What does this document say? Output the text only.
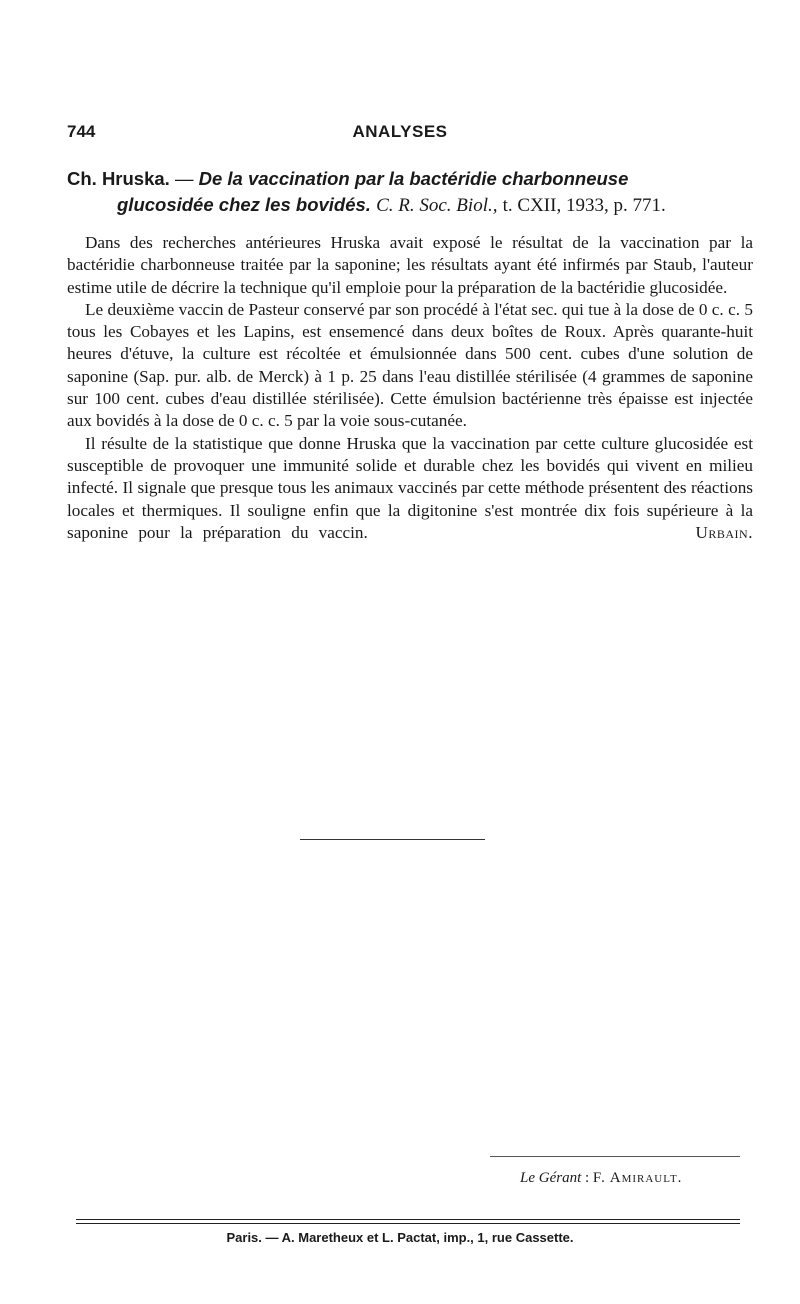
744	ANALYSES
Ch. Hruska. — De la vaccination par la bactéridie charbonneuse
glucosidée chez les bovidés. C. R. Soc. Biol., t. CXII, 1933, p. 771.

Dans des recherches antérieures Hruska avait exposé le résultat de la vaccination par la bactéridie charbonneuse traitée par la saponine; les résultats ayant été infirmés par Staub, l'auteur estime utile de décrire la technique qu'il emploie pour la préparation de la bactéridie glucosidée.

Le deuxième vaccin de Pasteur conservé par son procédé à l'état sec. qui tue à la dose de 0 c. c. 5 tous les Cobayes et les Lapins, est ensemencé dans deux boîtes de Roux. Après quarante-huit heures d'étuve, la culture est récoltée et émulsionnée dans 500 cent. cubes d'une solution de saponine (Sap. pur. alb. de Merck) à 1 p. 25 dans l'eau distillée stérilisée (4 grammes de saponine sur 100 cent. cubes d'eau distillée stérilisée). Cette émulsion bactérienne très épaisse est injectée aux bovidés à la dose de 0 c. c. 5 par la voie sous-cutanée.

Il résulte de la statistique que donne Hruska que la vaccination par cette culture glucosidée est susceptible de provoquer une immunité solide et durable chez les bovidés qui vivent en milieu infecté. Il signale que presque tous les animaux vaccinés par cette méthode présentent des réactions locales et thermiques. Il souligne enfin que la digitonine s'est montrée dix fois supérieure à la saponine pour la préparation du vaccin.	Urbain.

Le Gérant : F. Amirault.
Paris. — A. Maretheux et L. Pactat, imp., 1, rue Cassette.
